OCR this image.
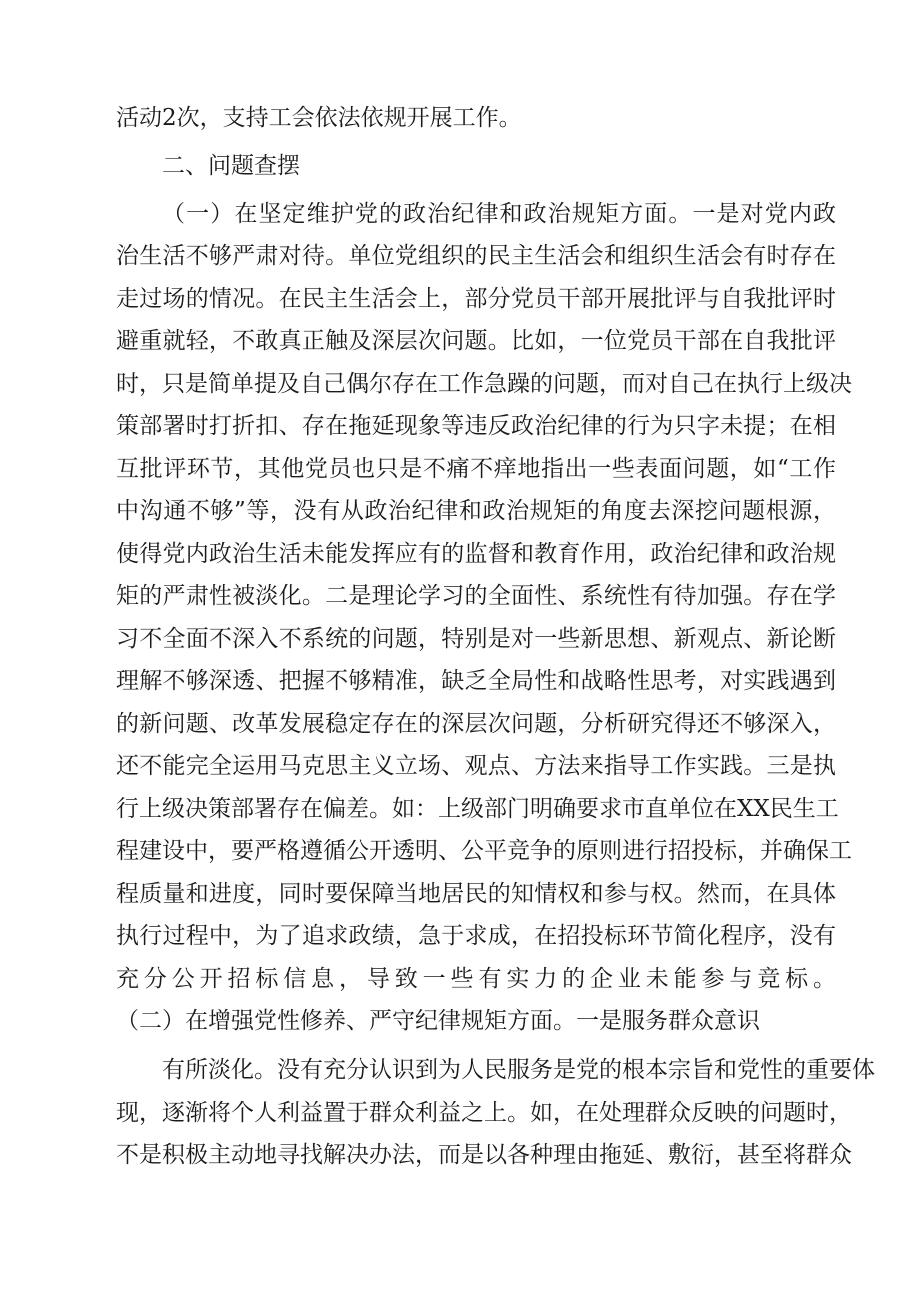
活动2次，支持工会依法依规开展工作。
二、问题查摆
（一）在坚定维护党的政治纪律和政治规矩方面。一是对党内政
治生活不够严肃对待。单位党组织的民主生活会和组织生活会有时存在
走过场的情况。在民主生活会上，部分党员干部开展批评与自我批评时
避重就轻，不敢真正触及深层次问题。比如，一位党员干部在自我批评
时，只是简单提及自己偶尔存在工作急躁的问题，而对自己在执行上级决
策部署时打折扣、存在拖延现象等违反政治纪律的行为只字未提；在相
互批评环节，其他党员也只是不痛不痒地指出一些表面问题，如“工作
中沟通不够”等，没有从政治纪律和政治规矩的角度去深挖问题根源，
使得党内政治生活未能发挥应有的监督和教育作用，政治纪律和政治规
矩的严肃性被淡化。二是理论学习的全面性、系统性有待加强。存在学
习不全面不深入不系统的问题，特别是对一些新思想、新观点、新论断
理解不够深透、把握不够精准，缺乏全局性和战略性思考，对实践遇到
的新问题、改革发展稳定存在的深层次问题，分析研究得还不够深入，
还不能完全运用马克思主义立场、观点、方法来指导工作实践。三是执
行上级决策部署存在偏差。如：上级部门明确要求市直单位在XX民生工
程建设中，要严格遵循公开透明、公平竞争的原则进行招投标，并确保工
程质量和进度，同时要保障当地居民的知情权和参与权。然而，在具体
执行过程中，为了追求政绩，急于求成，在招投标环节简化程序，没有
充分公开招标信息，导致一些有实力的企业未能参与竞标。
（二）在增强党性修养、严守纪律规矩方面。一是服务群众意识
有所淡化。没有充分认识到为人民服务是党的根本宗旨和党性的重要体
现，逐渐将个人利益置于群众利益之上。如，在处理群众反映的问题时，
不是积极主动地寻找解决办法，而是以各种理由拖延、敷衍，甚至将群众
